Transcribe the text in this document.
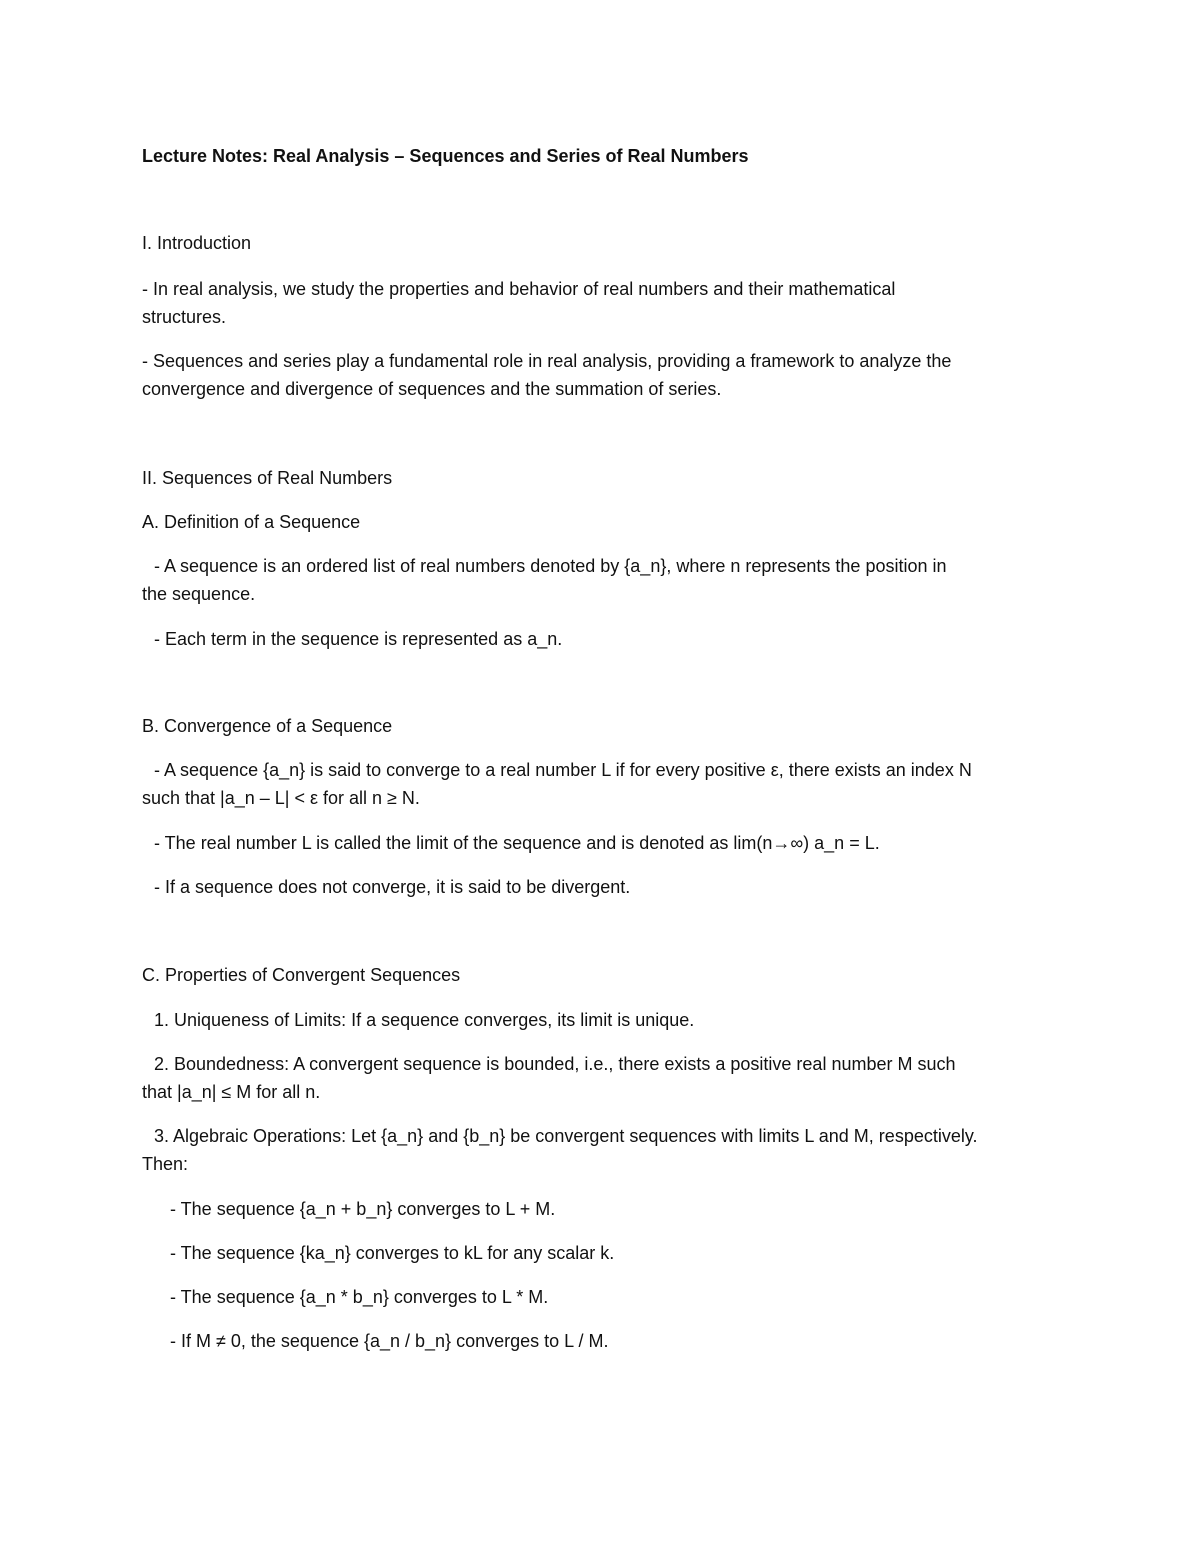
Lecture Notes: Real Analysis – Sequences and Series of Real Numbers
I. Introduction
- In real analysis, we study the properties and behavior of real numbers and their mathematical
structures.
- Sequences and series play a fundamental role in real analysis, providing a framework to analyze the
convergence and divergence of sequences and the summation of series.
II. Sequences of Real Numbers
A. Definition of a Sequence
- A sequence is an ordered list of real numbers denoted by {a_n}, where n represents the position in
the sequence.
- Each term in the sequence is represented as a_n.
B. Convergence of a Sequence
- A sequence {a_n} is said to converge to a real number L if for every positive ε, there exists an index N
such that |a_n – L| < ε for all n ≥ N.
- The real number L is called the limit of the sequence and is denoted as lim(n→∞) a_n = L.
- If a sequence does not converge, it is said to be divergent.
C. Properties of Convergent Sequences
1. Uniqueness of Limits: If a sequence converges, its limit is unique.
2. Boundedness: A convergent sequence is bounded, i.e., there exists a positive real number M such
that |a_n| ≤ M for all n.
3. Algebraic Operations: Let {a_n} and {b_n} be convergent sequences with limits L and M, respectively.
Then:
- The sequence {a_n + b_n} converges to L + M.
- The sequence {ka_n} converges to kL for any scalar k.
- The sequence {a_n * b_n} converges to L * M.
- If M ≠ 0, the sequence {a_n / b_n} converges to L / M.
